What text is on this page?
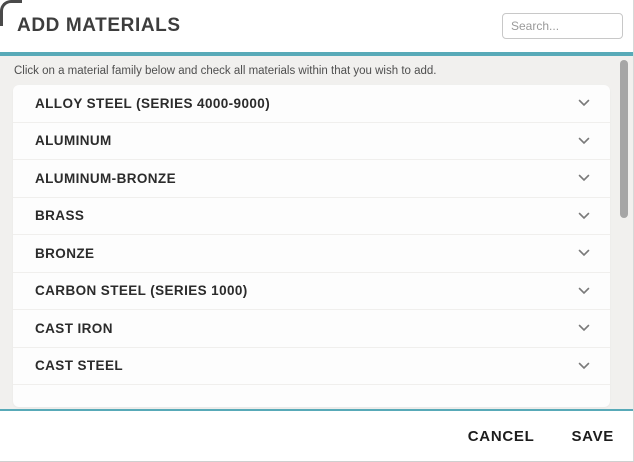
ADD MATERIALS
Search...
Click on a material family below and check all materials within that you wish to add.
ALLOY STEEL (SERIES 4000-9000)
ALUMINUM
ALUMINUM-BRONZE
BRASS
BRONZE
CARBON STEEL (SERIES 1000)
CAST IRON
CAST STEEL
CANCEL SAVE
